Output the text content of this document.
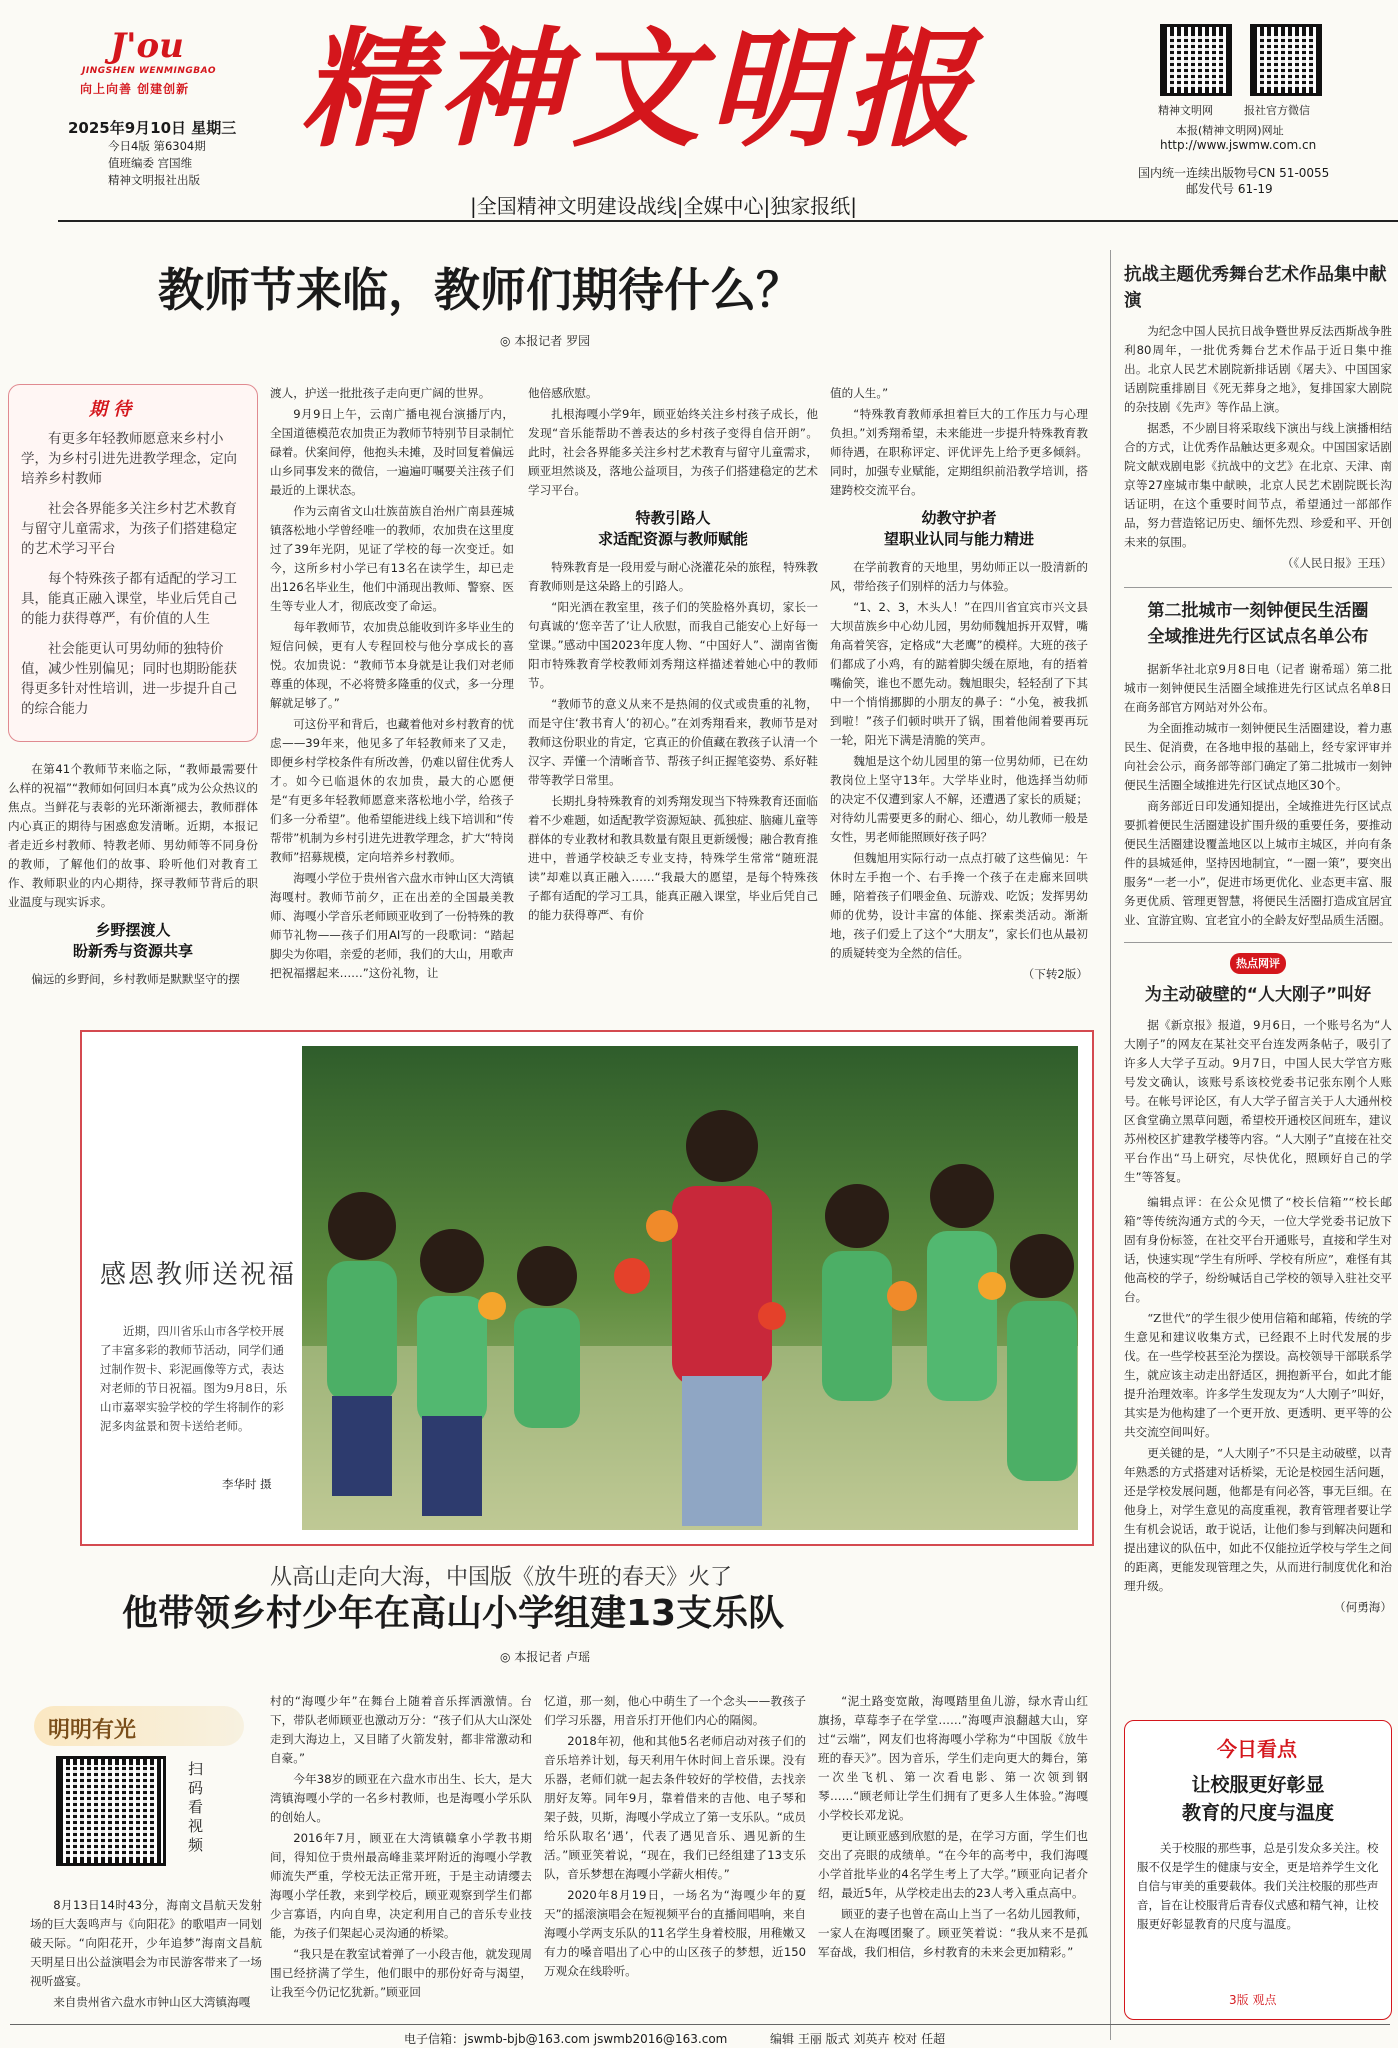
J'ou
JINGSHEN WENMINGBAO
向上向善 创建创新
2025年9月10日 星期三
今日4版 第6304期
值班编委 宫国维
精神文明报社出版
精神文明报
|全国精神文明建设战线|全媒中心|独家报纸|
精神文明网	报社官方微信
本报(精神文明网)网址
http://www.jswmw.com.cn
国内统一连续出版物号CN 51-0055
邮发代号 61-19
教师节来临，教师们期待什么？
◎ 本报记者 罗园
期 待

有更多年轻教师愿意来乡村小学，为乡村引进先进教学理念，定向培养乡村教师

社会各界能多关注乡村艺术教育与留守儿童需求，为孩子们搭建稳定的艺术学习平台

每个特殊孩子都有适配的学习工具，能真正融入课堂，毕业后凭自己的能力获得尊严，有价值的人生

社会能更认可男幼师的独特价值，减少性别偏见；同时也期盼能获得更多针对性培训，进一步提升自己的综合能力

在第41个教师节来临之际，“教师最需要什么样的祝福”“教师如何回归本真”成为公众热议的焦点。当鲜花与表彰的光环渐渐褪去，教师群体内心真正的期待与困惑愈发清晰。近期，本报记者走近乡村教师、特教老师、男幼师等不同身份的教师，了解他们的故事、聆听他们对教育工作、教师职业的内心期待，探寻教师节背后的职业温度与现实诉求。

乡野摆渡人
盼新秀与资源共享

偏远的乡野间，乡村教师是默默坚守的摆

渡人，护送一批批孩子走向更广阔的世界。

9月9日上午，云南广播电视台演播厅内，全国道德模范农加贵正为教师节特别节目录制忙碌着。伏案间停，他抱头未摊，及时回复着偏远山乡同事发来的微信，一遍遍叮嘱要关注孩子们最近的上课状态。

作为云南省文山壮族苗族自治州广南县莲城镇落松地小学曾经唯一的教师，农加贵在这里度过了39年光阴，见证了学校的每一次变迁。如今，这所乡村小学已有13名在读学生，却已走出126名毕业生，他们中涌现出教师、警察、医生等专业人才，彻底改变了命运。

每年教师节，农加贵总能收到许多毕业生的短信问候，更有人专程回校与他分享成长的喜悦。农加贵说：“教师节本身就是让我们对老师尊重的体现，不必将赞多隆重的仪式，多一分理解就足够了。”

可这份平和背后，也藏着他对乡村教育的忧虑——39年来，他见多了年轻教师来了又走，即便乡村学校条件有所改善，仍难以留住优秀人才。如今已临退休的农加贵，最大的心愿便是“有更多年轻教师愿意来落松地小学，给孩子们多一分希望”。他希望能进线上线下培训和“传帮带”机制为乡村引进先进教学理念，扩大“特岗教师”招募规模，定向培养乡村教师。

海嘎小学位于贵州省六盘水市钟山区大湾镇海嘎村。教师节前夕，正在出差的全国最美教师、海嘎小学音乐老师顾亚收到了一份特殊的教师节礼物——孩子们用AI写的一段歌词：“踏起脚尖为你唱，亲爱的老师，我们的大山，用歌声把祝福撂起来……”这份礼物，让

他倍感欣慰。

扎根海嘎小学9年，顾亚始终关注乡村孩子成长，他发现“音乐能帮助不善表达的乡村孩子变得自信开朗”。此时，社会各界能多关注乡村艺术教育与留守儿童需求，顾亚坦然谈及，落地公益项目，为孩子们搭建稳定的艺术学习平台。

特教引路人
求适配资源与教师赋能

特殊教育是一段用爱与耐心浇灌花朵的旅程，特殊教育教师则是这朵路上的引路人。

“阳光洒在教室里，孩子们的笑脸格外真切，家长一句真诚的‘您辛苦了’让人欣慰，而我自己能安心上好每一堂课。”感动中国2023年度人物、“中国好人”、湖南省衡阳市特殊教育学校教师刘秀翔这样描述着她心中的教师节。

“教师节的意义从来不是热闹的仪式或贵重的礼物，而是守住‘教书育人’的初心。”在刘秀翔看来，教师节是对教师这份职业的肯定，它真正的价值藏在教孩子认清一个汉字、弄懂一个清晰音节、帮孩子纠正握笔姿势、系好鞋带等教学日常里。

长期扎身特殊教育的刘秀翔发现当下特殊教育还面临着不少难题，如适配教学资源短缺、孤独症、脑瘫儿童等群体的专业教材和教具数量有限且更新缓慢；融合教育推进中，普通学校缺乏专业支持，特殊学生常常“随班混读”却难以真正融入……“我最大的愿望，是每个特殊孩子都有适配的学习工具，能真正融入课堂，毕业后凭自己的能力获得尊严、有价

值的人生。”

“特殊教育教师承担着巨大的工作压力与心理负担。”刘秀翔希望，未来能进一步提升特殊教育教师待遇，在职称评定、评优评先上给予更多倾斜。同时，加强专业赋能，定期组织前沿教学培训，搭建跨校交流平台。

幼教守护者
望职业认同与能力精进

在学前教育的天地里，男幼师正以一股清新的风，带给孩子们别样的活力与体验。

“1、2、3，木头人！”在四川省宜宾市兴文县大坝苗族乡中心幼儿园，男幼师魏旭拆开双臂，嘴角高着笑容，定格成“大老鹰”的模样。大班的孩子们都成了小鸡，有的踮着脚尖缓在原地，有的捂着嘴偷笑，谁也不愿先动。魏旭眼尖，轻轻刮了下其中一个悄悄挪脚的小朋友的鼻子：“小兔，被我抓到啦！”孩子们顿时哄开了锅，围着他闹着要再玩一轮，阳光下满是清脆的笑声。

魏旭是这个幼儿园里的第一位男幼师，已在幼教岗位上坚守13年。大学毕业时，他选择当幼师的决定不仅遭到家人不解，还遭遇了家长的质疑；对待幼儿需要更多的耐心、细心，幼儿教师一般是女性，男老师能照顾好孩子吗？

但魏旭用实际行动一点点打破了这些偏见：午休时左手抱一个、右手搀一个孩子在走廊来回哄睡，陪着孩子们喂金鱼、玩游戏、吃饭；发挥男幼师的优势，设计丰富的体能、探索类活动。渐渐地，孩子们爱上了这个“大朋友”，家长们也从最初的质疑转变为全然的信任。

（下转2版）

抗战主题优秀舞台艺术作品集中献演

为纪念中国人民抗日战争暨世界反法西斯战争胜利80周年，一批优秀舞台艺术作品于近日集中推出。北京人民艺术剧院新排话剧《屠夫》、中国国家话剧院重排剧目《死无葬身之地》，复排国家大剧院的杂技剧《先声》等作品上演。

据悉，不少剧目将采取线下演出与线上演播相结合的方式，让优秀作品触达更多观众。中国国家话剧院文献戏剧电影《抗战中的文艺》在北京、天津、南京等27座城市集中献映，北京人民艺术剧院既长沟话证明，在这个重要时间节点，希望通过一部部作品，努力营造铭记历史、缅怀先烈、珍爱和平、开创未来的氛围。

（《人民日报》王珏）

第二批城市一刻钟便民生活圈
全域推进先行区试点名单公布

据新华社北京9月8日电（记者 谢希瑶）第二批城市一刻钟便民生活圈全域推进先行区试点名单8日在商务部官方网站对外公布。

为全面推动城市一刻钟便民生活圈建设，着力惠民生、促消费，在各地申报的基础上，经专家评审并向社会公示，商务部等部门确定了第二批城市一刻钟便民生活圈全域推进先行区试点地区30个。

商务部近日印发通知提出，全域推进先行区试点要抓着便民生活圈建设扩围升级的重要任务，要推动便民生活圈建设覆盖地区以上城市主城区，并向有条件的县城延伸，坚持因地制宜，“一圈一策”，要突出服务“一老一小”，促进市场更优化、业态更丰富、服务更优质、管理更智慧，将便民生活圈打造成宜居宜业、宜游宜购、宜老宜小的全龄友好型品质生活圈。

热点网评
为主动破壁的“人大刚子”叫好

据《新京报》报道，9月6日，一个账号名为“人大刚子”的网友在某社交平台连发两条帖子，吸引了许多人大学子互动。9月7日，中国人民大学官方账号发文确认，该账号系该校党委书记张东刚个人账号。在帐号评论区，有人大学子留言关于人大通州校区食堂确立黑草问题，希望校开通校区间班车，建议苏州校区扩建教学楼等内容。“人大刚子”直接在社交平台作出“马上研究，尽快优化，照顾好自己的学生”等答复。

编辑点评：在公众见惯了“校长信箱”“校长邮箱”等传统沟通方式的今天，一位大学党委书记放下固有身份标签，在社交平台开通账号，直接和学生对话，快速实现“学生有所呼、学校有所应”，难怪有其他高校的学子，纷纷喊话自己学校的领导入驻社交平台。

“Z世代”的学生很少使用信箱和邮箱，传统的学生意见和建议收集方式，已经跟不上时代发展的步伐。在一些学校甚至沦为摆设。高校领导干部联系学生，就应该主动走出舒适区，拥抱新平台，如此才能提升治理效率。许多学生发现友为“人大刚子”叫好，其实是为他构建了一个更开放、更透明、更平等的公共交流空间叫好。

更关键的是，“人大刚子”不只是主动破壁，以青年熟悉的方式搭建对话桥梁，无论是校园生活问题，还是学校发展问题，他都是有问必答，事无巨细。在他身上，对学生意见的高度重视，教育管理者要让学生有机会说话，敢于说话，让他们参与到解决问题和提出建议的队伍中，如此不仅能拉近学校与学生之间的距离，更能发现管理之失，从而进行制度优化和治理升级。

（何勇海）

今日看点
让校服更好彰显
教育的尺度与温度
关于校服的那些事，总是引发众多关注。校服不仅是学生的健康与安全，更是培养学生文化自信与审美的重要载体。我们关注校服的那些声音，旨在让校服背后青春仪式感和精气神，让校服更好彰显教育的尺度与温度。
3版 观点
感恩教师送祝福
近期，四川省乐山市各学校开展了丰富多彩的教师节活动，同学们通过制作贺卡、彩泥画像等方式，表达对老师的节日祝福。图为9月8日，乐山市嘉翠实验学校的学生将制作的彩泥多肉盆景和贺卡送给老师。
李华时 摄
从高山走向大海，中国版《放牛班的春天》火了
他带领乡村少年在高山小学组建13支乐队
◎ 本报记者 卢瑶
明明有光
扫码看视频

8月13日14时43分，海南文昌航天发射场的巨大轰鸣声与《向阳花》的歌唱声一同划破天际。“向阳花开，少年追梦”海南文昌航天明星日出公益演唱会为市民游客带来了一场视听盛宴。

来自贵州省六盘水市钟山区大湾镇海嘎

村的“海嘎少年”在舞台上随着音乐挥洒激情。台下，带队老师顾亚也激动万分：“孩子们从大山深处走到大海边上，又目睹了火箭发射，都非常激动和自豪。”

今年38岁的顾亚在六盘水市出生、长大，是大湾镇海嘎小学的一名乡村教师，也是海嘎小学乐队的创始人。

2016年7月，顾亚在大湾镇赣拿小学教书期间，得知位于贵州最高峰韭菜坪附近的海嘎小学教师流失严重，学校无法正常开班，于是主动请缨去海嘎小学任教，来到学校后，顾亚观察到学生们都少言寡语，内向自卑，决定利用自己的音乐专业技能，为孩子们架起心灵沟通的桥梁。

“我只是在教室试着弹了一小段吉他，就发现周围已经挤满了学生，他们眼中的那份好奇与渴望，让我至今仍记忆犹新。”顾亚回

忆道，那一刻，他心中萌生了一个念头——教孩子们学习乐器，用音乐打开他们内心的隔阂。

2018年初，他和其他5名老师启动对孩子们的音乐培养计划，每天利用午休时间上音乐课。没有乐器，老师们就一起去条件较好的学校借，去找亲朋好友筹。同年9月，靠着借来的吉他、电子琴和架子鼓，贝斯，海嘎小学成立了第一支乐队。“成员给乐队取名‘遇’，代表了遇见音乐、遇见新的生活。”顾亚笑着说，“现在，我们已经组建了13支乐队，音乐梦想在海嘎小学薪火相传。”

2020年8月19日，一场名为“海嘎少年的夏天”的摇滚演唱会在短视频平台的直播间唱响，来自海嘎小学两支乐队的11名学生身着校服，用稚嫩又有力的嗓音唱出了心中的山区孩子的梦想，近150万观众在线聆听。

“泥土路变宽敞，海嘎踏里鱼儿游，绿水青山红旗扬，草莓李子在学堂……”海嘎声浪翻越大山，穿过“云端”，网友们也将海嘎小学称为“中国版《放牛班的春天》”。因为音乐，学生们走向更大的舞台，第一次坐飞机、第一次看电影、第一次领到钢琴……“顾老师让学生们拥有了更多人生体验。”海嘎小学校长邓龙说。

更让顾亚感到欣慰的是，在学习方面，学生们也交出了亮眼的成绩单。“在今年的高考中，我们海嘎小学首批毕业的4名学生考上了大学。”顾亚向记者介绍，最近5年，从学校走出去的23人考入重点高中。

顾亚的妻子也曾在高山上当了一名幼儿园教师，一家人在海嘎团聚了。顾亚笑着说：“我从来不是孤军奋战，我们相信，乡村教育的未来会更加精彩。”

电子信箱：jswmb-bjb@163.com jswmb2016@163.com	编辑 王丽 版式 刘英卉 校对 任超
